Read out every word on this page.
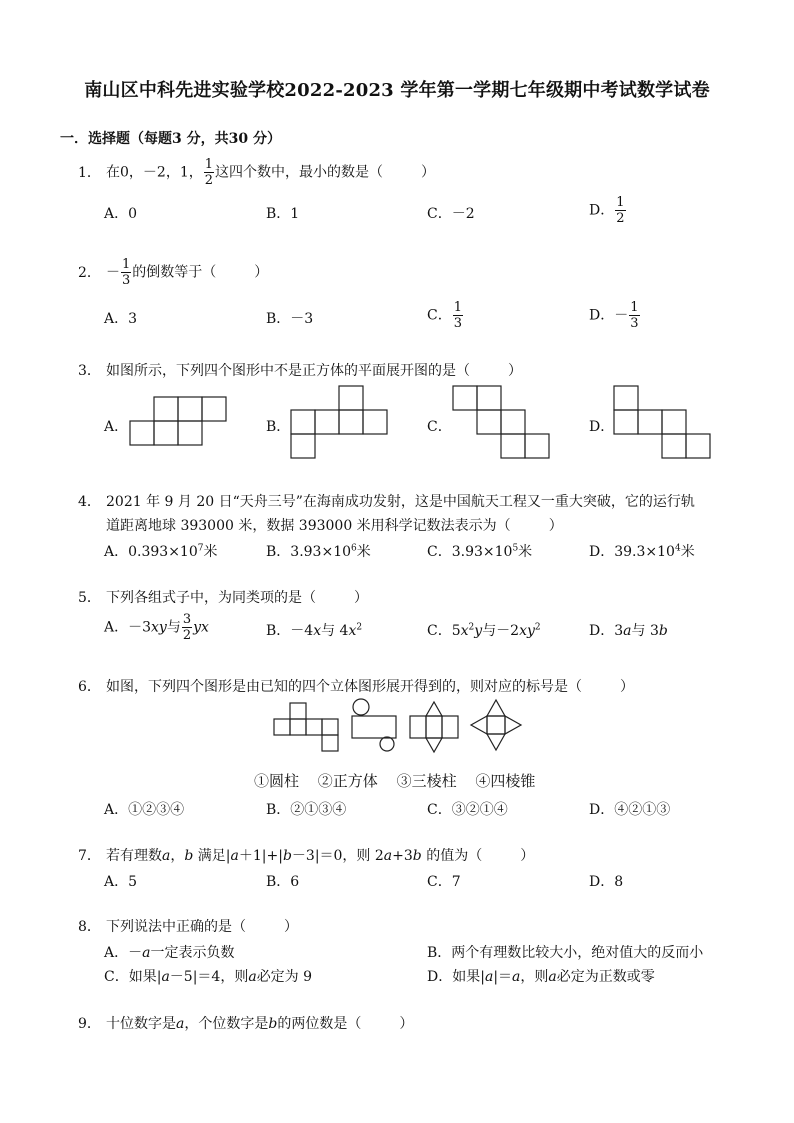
南山区中科先进实验学校2022-2023 学年第一学期七年级期中考试数学试卷
一．选择题（每题3 分，共30 分）
1． 在0，－2，1， $\frac{1}{2}$ 这四个数中，最小的数是（	）
A．0	B．1	C．－2	D． $\frac{1}{2}$
2． － $\frac{1}{3}$ 的倒数等于（	）
A．3	B．－3	C． $\frac{1}{3}$	D．－ $\frac{1}{3}$
3． 如图所示，下列四个图形中不是正方体的平面展开图的是（	）
A．	B．	C．	D．
4． 2021 年 9 月 20 日“天舟三号”在海南成功发射，这是中国航天工程又一重大突破，它的运行轨
道距离地球 393000 米，数据 393000 米用科学记数法表示为（	）
A．$0.393\times 10^7$米	B．$3.93\times 10^6$米	C．$3.93\times 10^5$米	D．$39.3\times 10^4$米
5． 下列各组式子中，为同类项的是（	）
A．－3xy与 $\frac{3}{2}$ yx	B．－4x与 $4x^2$	C．$5x^2y$与$-2xy^2$	D．3a与 3b
6． 如图，下列四个图形是由已知的四个立体图形展开得到的，则对应的标号是（	）
①圆柱 ②正方体 ③三棱柱 ④四棱锥
A．①②③④	B．②①③④	C．③②①④	D．④②①③
7． 若有理数a，b 满足|a＋1|+|b－3|＝0，则 2a+3b 的值为（	）
A．5	B．6	C．7	D．8
8． 下列说法中正确的是（	）
A．－a一定表示负数	B．两个有理数比较大小，绝对值大的反而小
C．如果|a－5|＝4，则a必定为 9	D．如果|a|＝a，则a必定为正数或零
9． 十位数字是a，个位数字是b的两位数是（	）
